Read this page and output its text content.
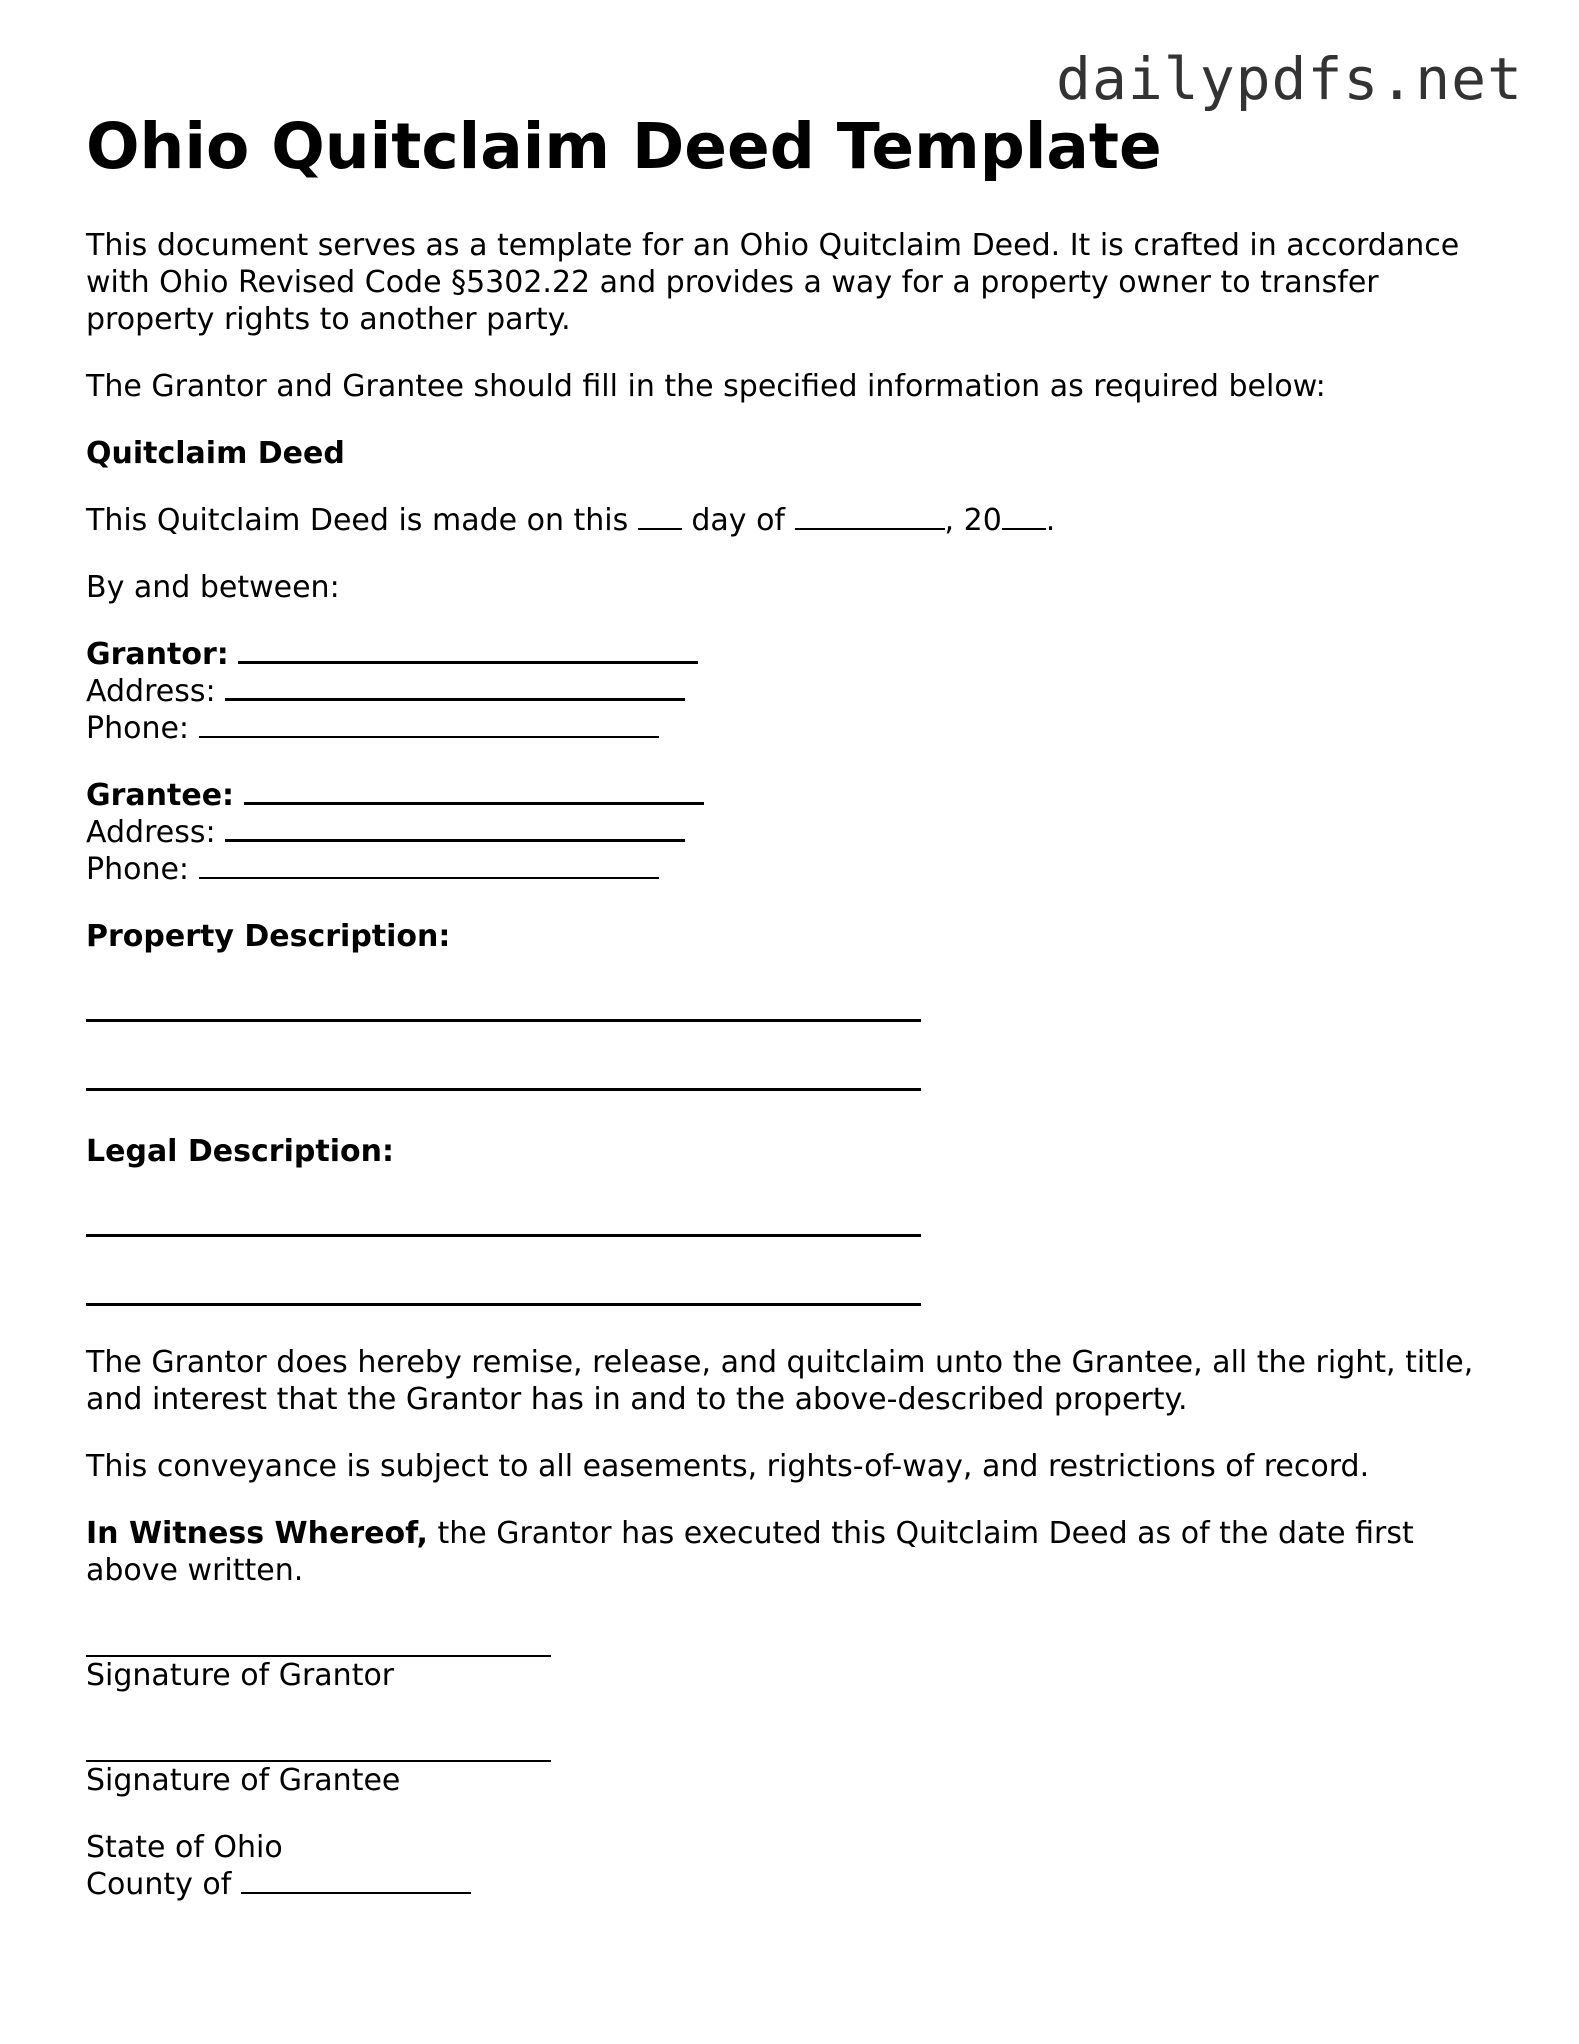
dailypdfs.net
Ohio Quitclaim Deed Template

This document serves as a template for an Ohio Quitclaim Deed. It is crafted in accordance with Ohio Revised Code §5302.22 and provides a way for a property owner to transfer property rights to another party.

The Grantor and Grantee should fill in the specified information as required below:

Quitclaim Deed

This Quitclaim Deed is made on this day of	, 20 .

By and between:

Grantor:

Address:

Phone:

Grantee:

Address:

Phone:

Property Description:

Legal Description:

The Grantor does hereby remise, release, and quitclaim unto the Grantee, all the right, title, and interest that the Grantor has in and to the above-described property.

This conveyance is subject to all easements, rights-of-way, and restrictions of record.

In Witness Whereof, the Grantor has executed this Quitclaim Deed as of the date first above written.

Signature of Grantor

Signature of Grantee

State of Ohio

County of
